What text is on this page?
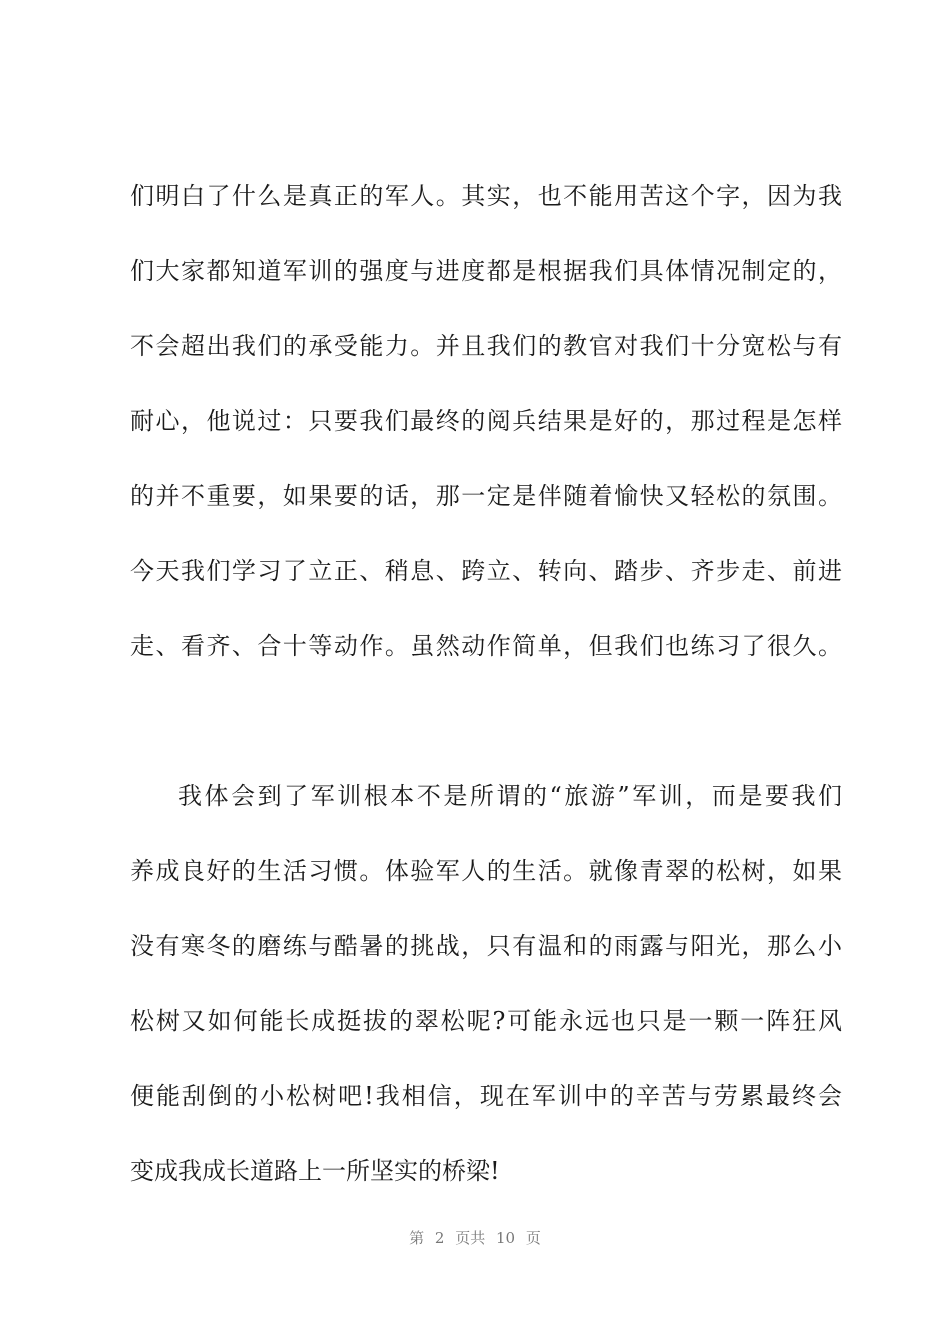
们明白了什么是真正的军人。其实，也不能用苦这个字，因为我
们大家都知道军训的强度与进度都是根据我们具体情况制定的，
不会超出我们的承受能力。并且我们的教官对我们十分宽松与有
耐心，他说过：只要我们最终的阅兵结果是好的，那过程是怎样
的并不重要，如果要的话，那一定是伴随着愉快又轻松的氛围。
今天我们学习了立正、稍息、跨立、转向、踏步、齐步走、前进
走、看齐、合十等动作。虽然动作简单，但我们也练习了很久。
我体会到了军训根本不是所谓的“旅游”军训，而是要我们
养成良好的生活习惯。体验军人的生活。就像青翠的松树，如果
没有寒冬的磨练与酷暑的挑战，只有温和的雨露与阳光，那么小
松树又如何能长成挺拔的翠松呢?可能永远也只是一颗一阵狂风
便能刮倒的小松树吧!我相信，现在军训中的辛苦与劳累最终会
变成我成长道路上一所坚实的桥梁!
第 2 页共 10 页
